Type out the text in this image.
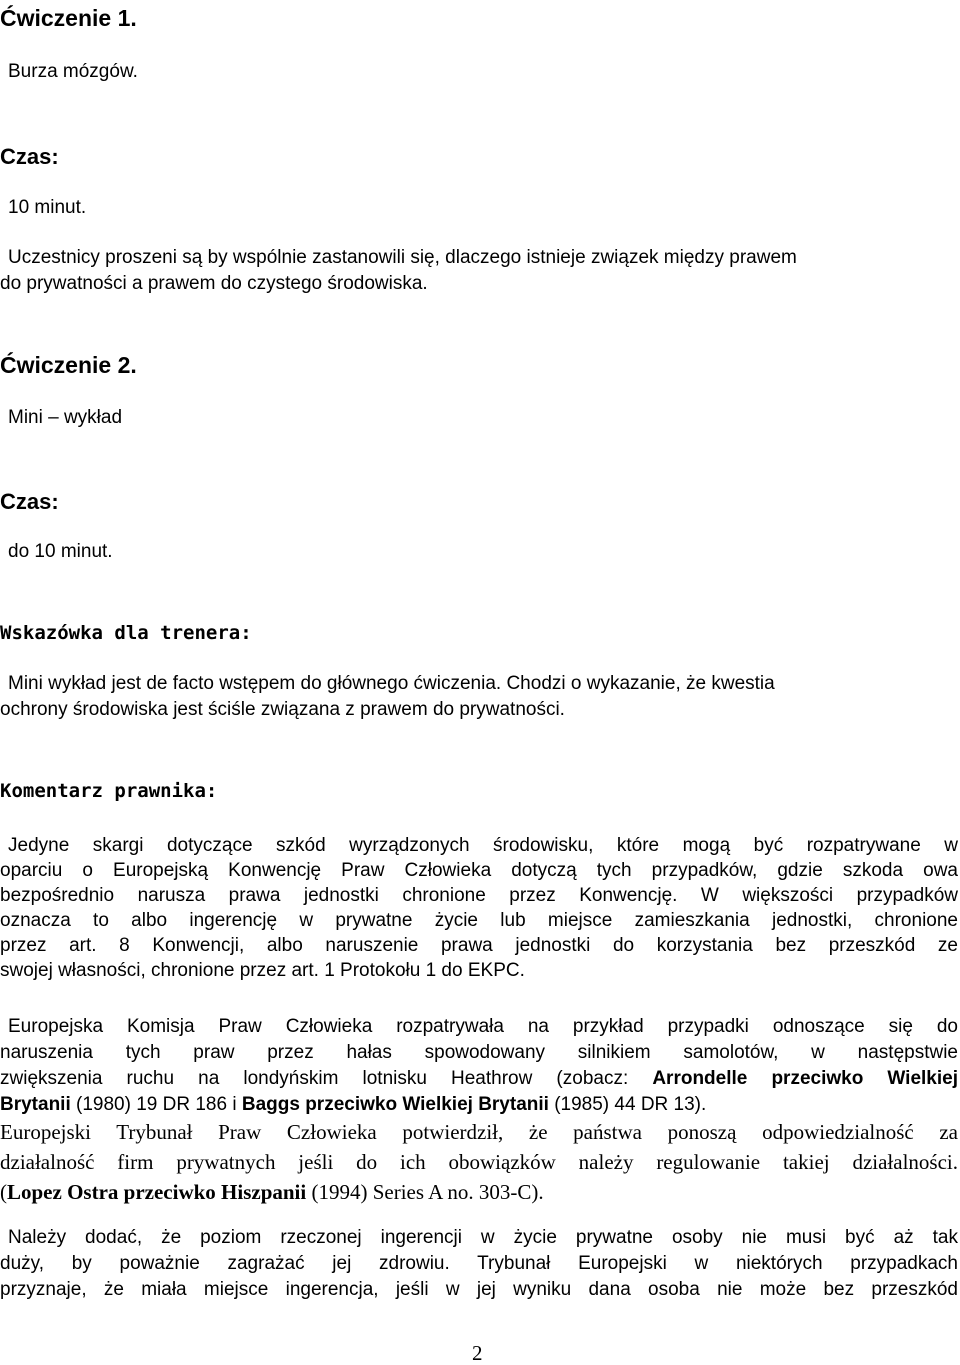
Ćwiczenie 1.
Burza mózgów.
Czas:
10 minut.
Uczestnicy proszeni są by wspólnie zastanowili się, dlaczego istnieje związek między prawem
do prywatności a prawem do czystego środowiska.
Ćwiczenie 2.
Mini – wykład
Czas:
do 10 minut.
Wskazówka dla trenera:
Mini wykład jest de facto wstępem do głównego ćwiczenia. Chodzi o wykazanie, że kwestia
ochrony środowiska jest ściśle związana z prawem do prywatności.
Komentarz prawnika:
Jedyne skargi dotyczące szkód wyrządzonych środowisku, które mogą być rozpatrywane w
oparciu o Europejską Konwencję Praw Człowieka dotyczą tych przypadków, gdzie szkoda owa
bezpośrednio narusza prawa jednostki chronione przez Konwencję. W większości przypadków
oznacza to albo ingerencję w prywatne życie lub miejsce zamieszkania jednostki, chronione
przez art. 8 Konwencji, albo naruszenie prawa jednostki do korzystania bez przeszkód ze
swojej własności, chronione przez art. 1 Protokołu 1 do EKPC.
Europejska Komisja Praw Człowieka rozpatrywała na przykład przypadki odnoszące się do
naruszenia tych praw przez hałas spowodowany silnikiem samolotów, w następstwie
zwiększenia ruchu na londyńskim lotnisku Heathrow (zobacz: Arrondelle przeciwko Wielkiej
Brytanii (1980) 19 DR 186 i Baggs przeciwko Wielkiej Brytanii (1985) 44 DR 13).
Europejski Trybunał Praw Człowieka potwierdził, że państwa ponoszą odpowiedzialność za
działalność firm prywatnych jeśli do ich obowiązków należy regulowanie takiej działalności.
(Lopez Ostra przeciwko Hiszpanii (1994) Series A no. 303-C).
Należy dodać, że poziom rzeczonej ingerencji w życie prywatne osoby nie musi być aż tak
duży, by poważnie zagrażać jej zdrowiu. Trybunał Europejski w niektórych przypadkach
przyznaje, że miała miejsce ingerencja, jeśli w jej wyniku dana osoba nie może bez przeszkód
2
